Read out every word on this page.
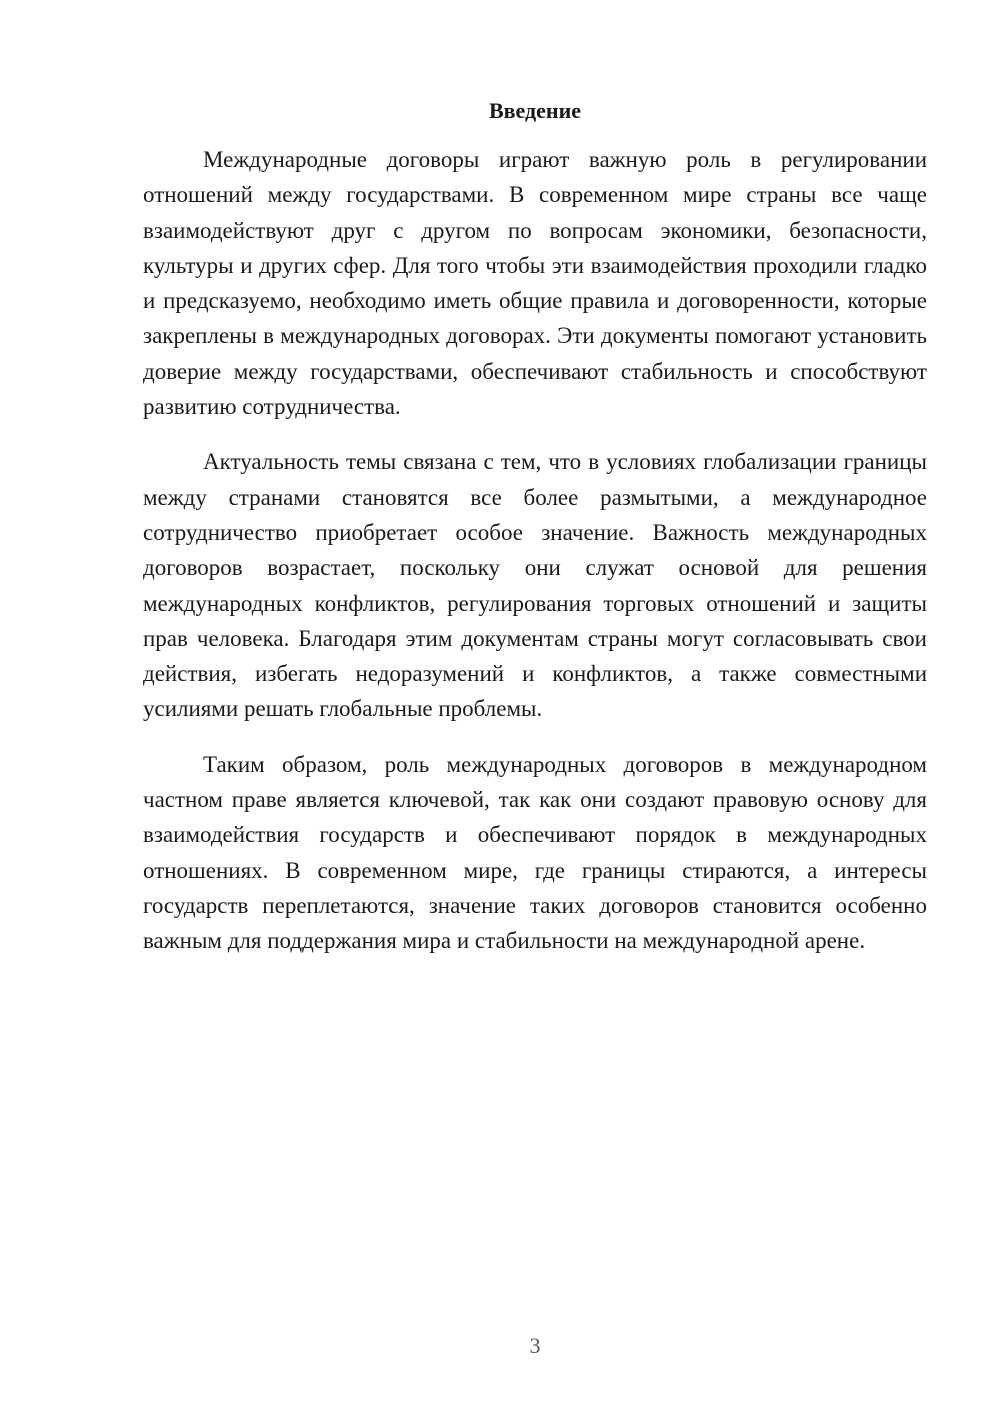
Введение

Международные договоры играют важную роль в регулировании отношений между государствами. В современном мире страны все чаще взаимодействуют друг с другом по вопросам экономики, безопасности, культуры и других сфер. Для того чтобы эти взаимодействия проходили гладко и предсказуемо, необходимо иметь общие правила и договоренности, которые закреплены в международных договорах. Эти документы помогают установить доверие между государствами, обеспечивают стабильность и способствуют развитию сотрудничества.

Актуальность темы связана с тем, что в условиях глобализации границы между странами становятся все более размытыми, а международное сотрудничество приобретает особое значение. Важность международных договоров возрастает, поскольку они служат основой для решения международных конфликтов, регулирования торговых отношений и защиты прав человека. Благодаря этим документам страны могут согласовывать свои действия, избегать недоразумений и конфликтов, а также совместными усилиями решать глобальные проблемы.

Таким образом, роль международных договоров в международном частном праве является ключевой, так как они создают правовую основу для взаимодействия государств и обеспечивают порядок в международных отношениях. В современном мире, где границы стираются, а интересы государств переплетаются, значение таких договоров становится особенно важным для поддержания мира и стабильности на международной арене.

3
